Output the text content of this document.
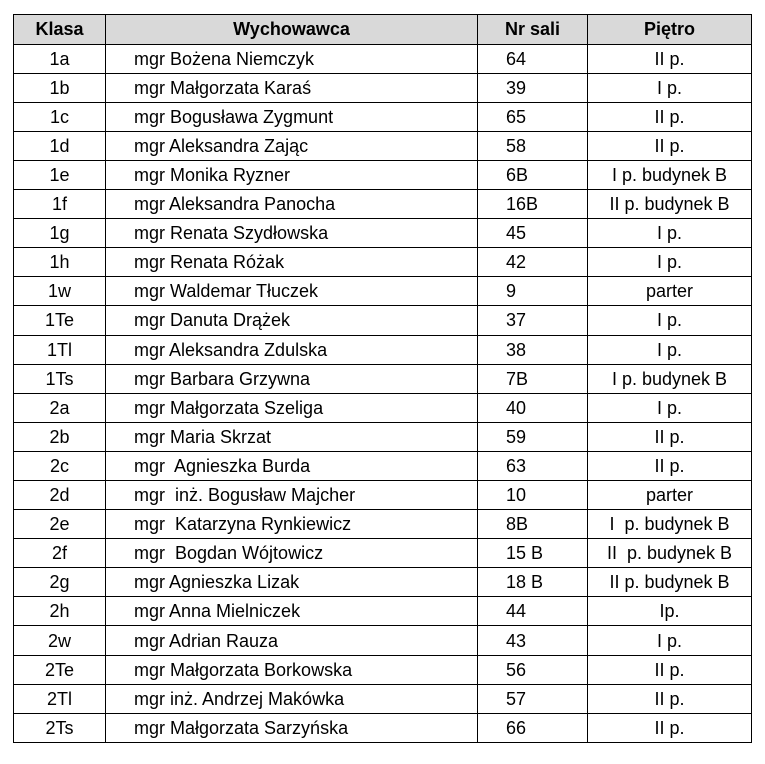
Klasa	Wychowawca	Nr sali	Piętro
1a	mgr Bożena Niemczyk	64	II p.
1b	mgr Małgorzata Karaś	39	I p.
1c	mgr Bogusława Zygmunt	65	II p.
1d	mgr Aleksandra Zając	58	II p.
1e	mgr Monika Ryzner	6B	I p. budynek B
1f	mgr Aleksandra Panocha	16B	II p. budynek B
1g	mgr Renata Szydłowska	45	I p.
1h	mgr Renata Różak	42	I p.
1w	mgr Waldemar Tłuczek	9	parter
1Te	mgr Danuta Drążek	37	I p.
1Tl	mgr Aleksandra Zdulska	38	I p.
1Ts	mgr Barbara Grzywna	7B	I p. budynek B
2a	mgr Małgorzata Szeliga	40	I p.
2b	mgr Maria Skrzat	59	II p.
2c	mgr  Agnieszka Burda	63	II p.
2d	mgr  inż. Bogusław Majcher	10	parter
2e	mgr  Katarzyna Rynkiewicz	8B	I  p. budynek B
2f	mgr  Bogdan Wójtowicz	15 B	II  p. budynek B
2g	mgr Agnieszka Lizak	18 B	II p. budynek B
2h	mgr Anna Mielniczek	44	Ip.
2w	mgr Adrian Rauza	43	I p.
2Te	mgr Małgorzata Borkowska	56	II p.
2Tl	mgr inż. Andrzej Makówka	57	II p.
2Ts	mgr Małgorzata Sarzyńska	66	II p.
